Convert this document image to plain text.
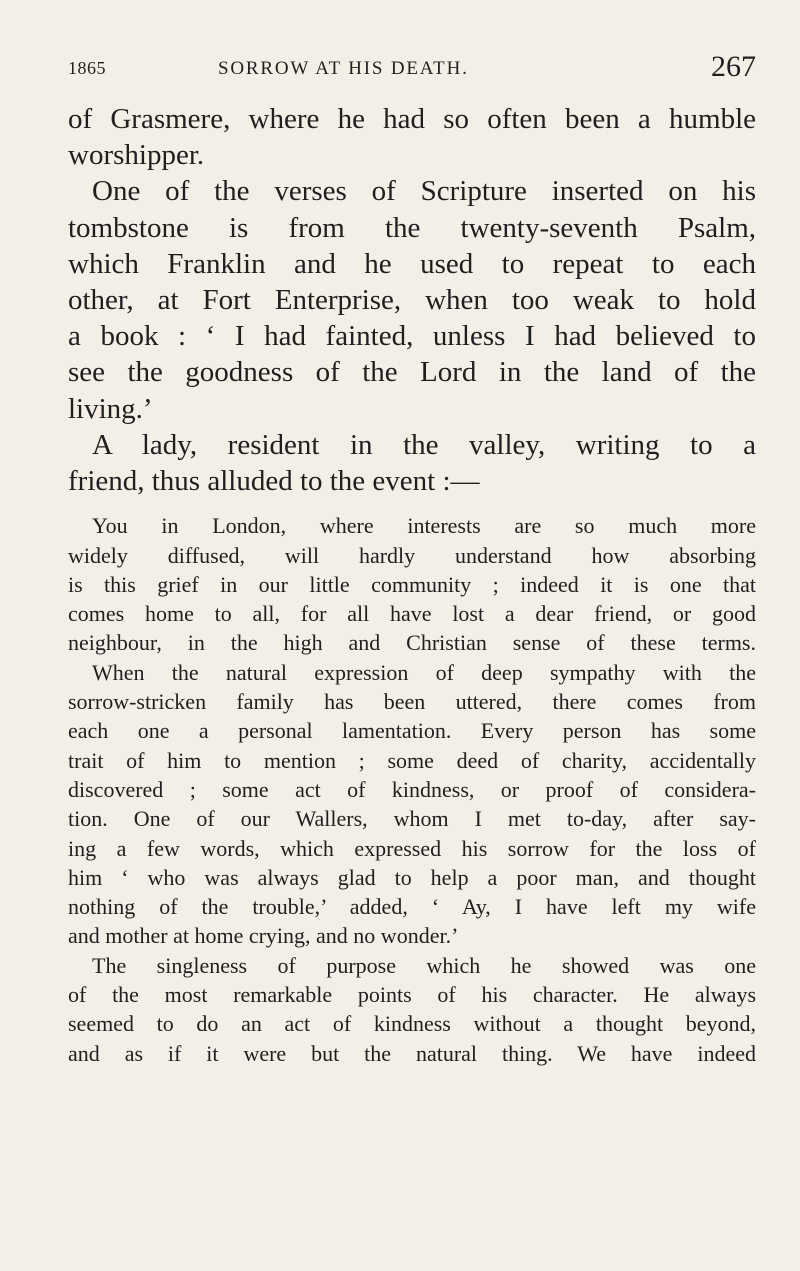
1865	SORROW AT HIS DEATH.	267
of Grasmere, where he had so often been a humble
worshipper.
One of the verses of Scripture inserted on his
tombstone is from the twenty-seventh Psalm,
which Franklin and he used to repeat to each
other, at Fort Enterprise, when too weak to hold
a book : ‘ I had fainted, unless I had believed to
see the goodness of the Lord in the land of the
living.’
A lady, resident in the valley, writing to a
friend, thus alluded to the event :—
You in London, where interests are so much more
widely diffused, will hardly understand how absorbing
is this grief in our little community ; indeed it is one that
comes home to all, for all have lost a dear friend, or good
neighbour, in the high and Christian sense of these terms.
When the natural expression of deep sympathy with the
sorrow-stricken family has been uttered, there comes from
each one a personal lamentation. Every person has some
trait of him to mention ; some deed of charity, accidentally
discovered ; some act of kindness, or proof of considera-
tion. One of our Wallers, whom I met to-day, after say-
ing a few words, which expressed his sorrow for the loss of
him ‘ who was always glad to help a poor man, and thought
nothing of the trouble,’ added, ‘ Ay, I have left my wife
and mother at home crying, and no wonder.’
The singleness of purpose which he showed was one
of the most remarkable points of his character. He always
seemed to do an act of kindness without a thought beyond,
and as if it were but the natural thing. We have indeed
